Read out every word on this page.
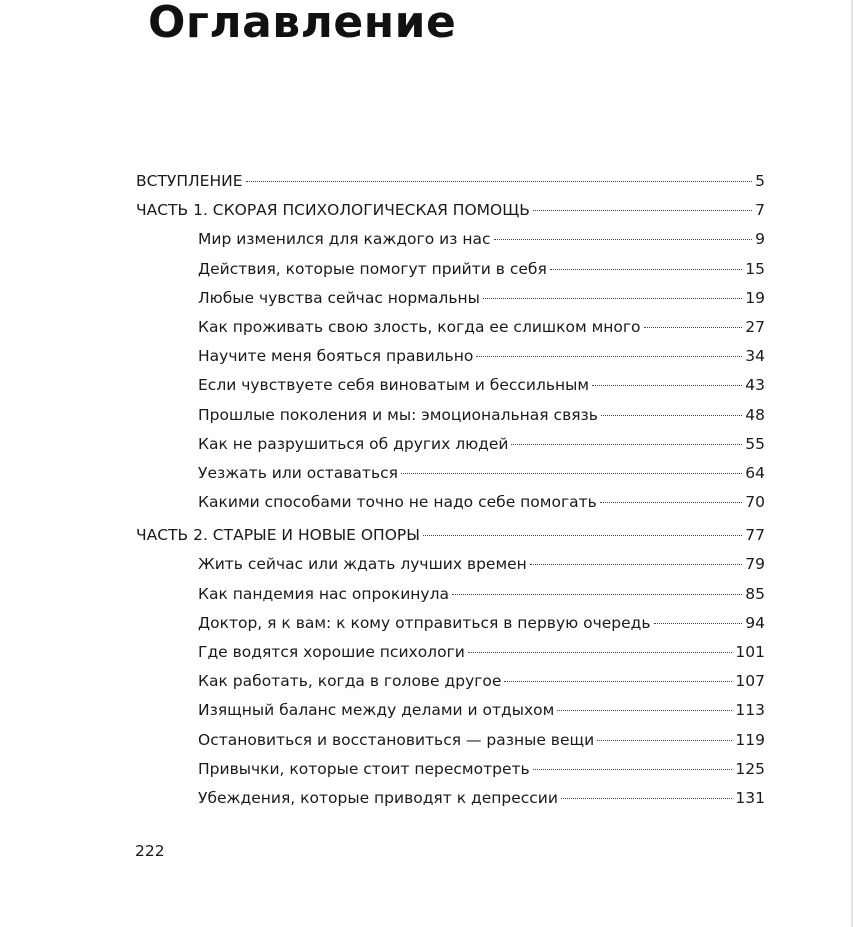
Оглавление
ВСТУПЛЕНИЕ	5
ЧАСТЬ 1. СКОРАЯ ПСИХОЛОГИЧЕСКАЯ ПОМОЩЬ	7
Мир изменился для каждого из нас	9
Действия, которые помогут прийти в себя	15
Любые чувства сейчас нормальны	19
Как проживать свою злость, когда ее слишком много	27
Научите меня бояться правильно	34
Если чувствуете себя виноватым и бессильным	43
Прошлые поколения и мы: эмоциональная связь	48
Как не разрушиться об других людей	55
Уезжать или оставаться	64
Какими способами точно не надо себе помогать	70
ЧАСТЬ 2. СТАРЫЕ И НОВЫЕ ОПОРЫ	77
Жить сейчас или ждать лучших времен	79
Как пандемия нас опрокинула	85
Доктор, я к вам: к кому отправиться в первую очередь	94
Где водятся хорошие психологи	101
Как работать, когда в голове другое	107
Изящный баланс между делами и отдыхом	113
Остановиться и восстановиться — разные вещи	119
Привычки, которые стоит пересмотреть	125
Убеждения, которые приводят к депрессии	131
222
